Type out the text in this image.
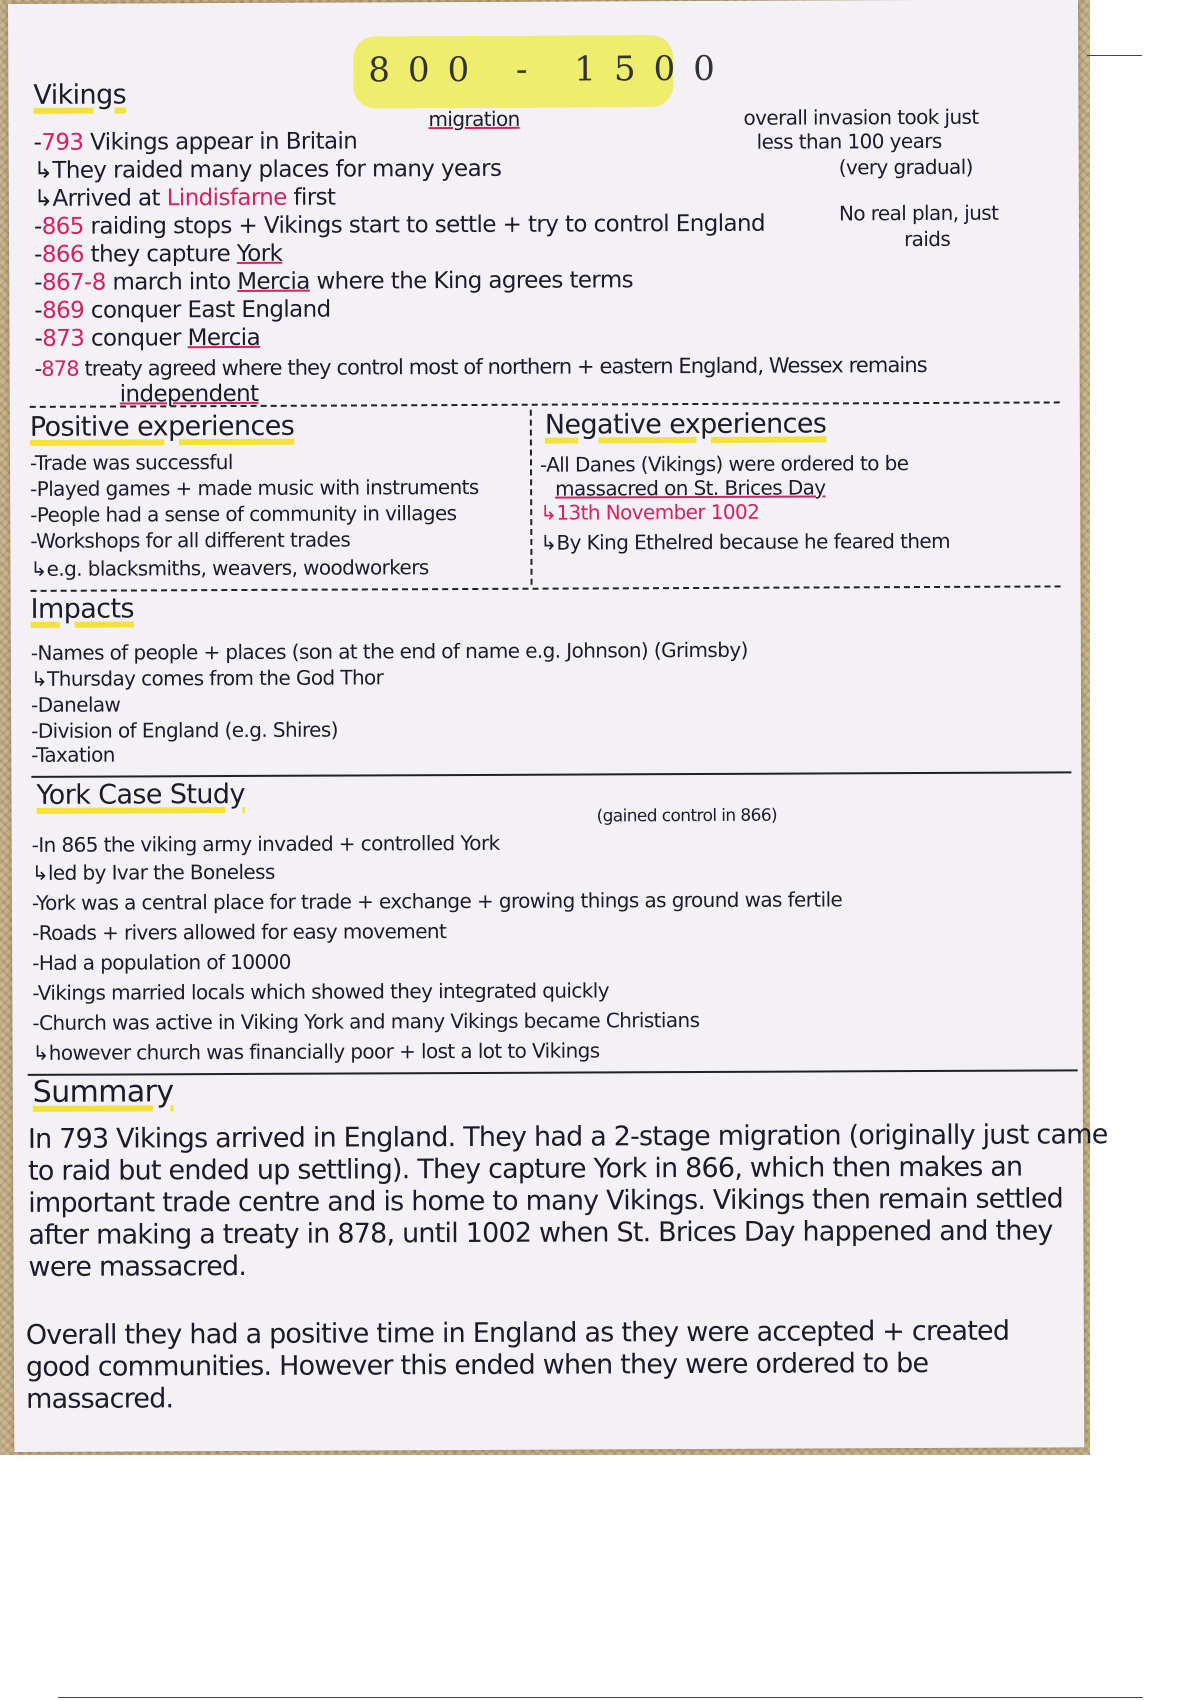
800 - 1500
migration
Vikings
-793 Vikings appear in Britain
↳They raided many places for many years
↳Arrived at Lindisfarne first
-865 raiding stops + Vikings start to settle + try to control England
-866 they capture York
-867-8 march into Mercia where the King agrees terms
-869 conquer East England
-873 conquer Mercia
-878 treaty agreed where they control most of northern + eastern England, Wessex remains
independent
overall invasion took just
less than 100 years
(very gradual)
No real plan, just
raids
Positive experiences
-Trade was successful
-Played games + made music with instruments
-People had a sense of community in villages
-Workshops for all different trades
↳e.g. blacksmiths, weavers, woodworkers
Negative experiences
-All Danes (Vikings) were ordered to be
massacred on St. Brices Day
↳13th November 1002
↳By King Ethelred because he feared them
Impacts
-Names of people + places (son at the end of name e.g. Johnson) (Grimsby)
↳Thursday comes from the God Thor
-Danelaw
-Division of England (e.g. Shires)
-Taxation
York Case Study
(gained control in 866)
-In 865 the viking army invaded + controlled York
↳led by Ivar the Boneless
-York was a central place for trade + exchange + growing things as ground was fertile
-Roads + rivers allowed for easy movement
-Had a population of 10000
-Vikings married locals which showed they integrated quickly
-Church was active in Viking York and many Vikings became Christians
↳however church was financially poor + lost a lot to Vikings
Summary
In 793 Vikings arrived in England. They had a 2-stage migration (originally just came
to raid but ended up settling). They capture York in 866, which then makes an
important trade centre and is home to many Vikings. Vikings then remain settled
after making a treaty in 878, until 1002 when St. Brices Day happened and they
were massacred.
Overall they had a positive time in England as they were accepted + created
good communities. However this ended when they were ordered to be
massacred.
